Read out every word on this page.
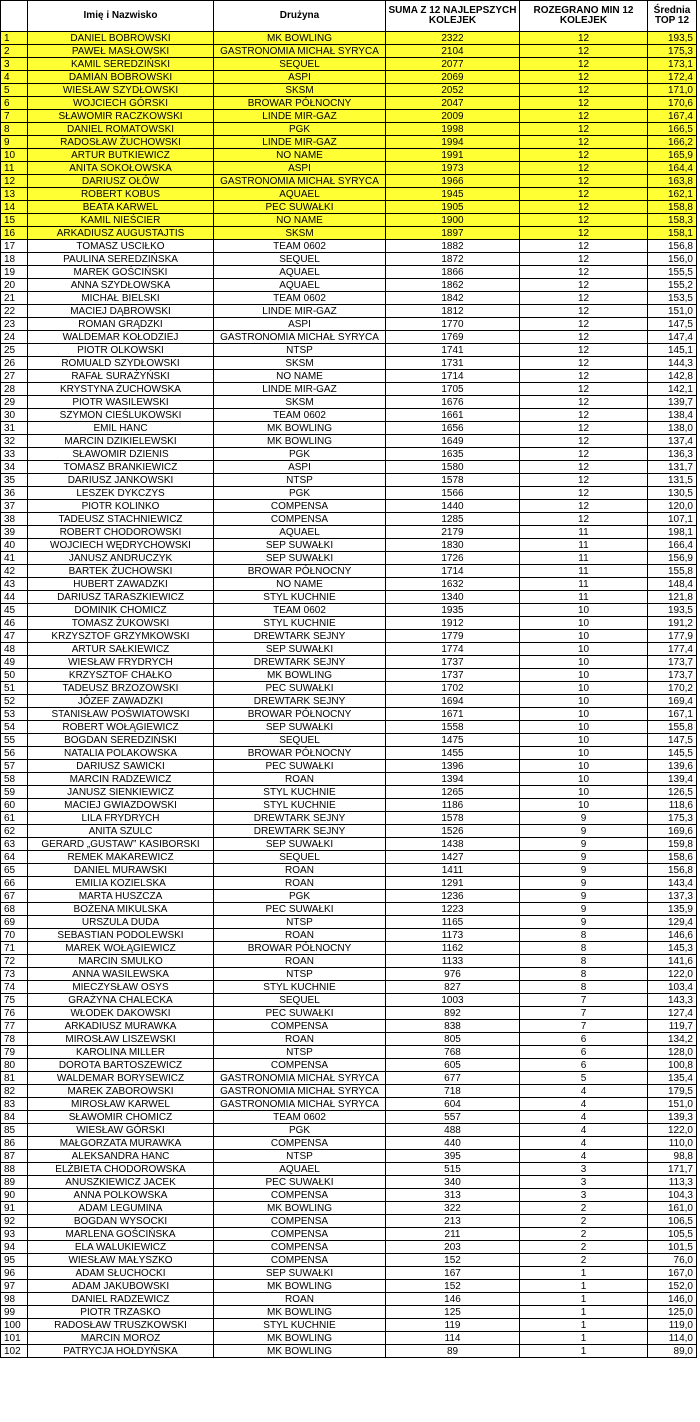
	Imię i Nazwisko	Drużyna	SUMA Z 12 NAJLEPSZYCH KOLEJEK	ROZEGRANO MIN 12 KOLEJEK	Średnia TOP 12
1	DANIEL BOBROWSKI	MK BOWLING	2322	12	193,5
2	PAWEŁ MASŁOWSKI	GASTRONOMIA MICHAŁ SYRYCA	2104	12	175,3
3	KAMIL SEREDZIŃSKI	SEQUEL	2077	12	173,1
4	DAMIAN BOBROWSKI	ASPI	2069	12	172,4
5	WIESŁAW SZYDŁOWSKI	SKSM	2052	12	171,0
6	WOJCIECH GÓRSKI	BROWAR PÓŁNOCNY	2047	12	170,6
7	SŁAWOMIR RACZKOWSKI	LINDE MIR-GAZ	2009	12	167,4
8	DANIEL ROMATOWSKI	PGK	1998	12	166,5
9	RADOSŁAW ŻUCHOWSKI	LINDE MIR-GAZ	1994	12	166,2
10	ARTUR BUTKIEWICZ	NO NAME	1991	12	165,9
11	ANITA SOKOŁOWSKA	ASPI	1973	12	164,4
12	DARIUSZ OŁÓW	GASTRONOMIA MICHAŁ SYRYCA	1966	12	163,8
13	ROBERT KOBUS	AQUAEL	1945	12	162,1
14	BEATA KARWEL	PEC SUWAŁKI	1905	12	158,8
15	KAMIL NIEŚCIER	NO NAME	1900	12	158,3
16	ARKADIUSZ AUGUSTAJTIS	SKSM	1897	12	158,1
17	TOMASZ USCIŁKO	TEAM 0602	1882	12	156,8
18	PAULINA SEREDZIŃSKA	SEQUEL	1872	12	156,0
19	MAREK GOŚCIŃSKI	AQUAEL	1866	12	155,5
20	ANNA SZYDŁOWSKA	AQUAEL	1862	12	155,2
21	MICHAŁ BIELSKI	TEAM 0602	1842	12	153,5
22	MACIEJ DĄBROWSKI	LINDE MIR-GAZ	1812	12	151,0
23	ROMAN GRĄDZKI	ASPI	1770	12	147,5
24	WALDEMAR KOŁODZIEJ	GASTRONOMIA MICHAŁ SYRYCA	1769	12	147,4
25	PIOTR OLKOWSKI	NTSP	1741	12	145,1
26	ROMUALD SZYDŁOWSKI	SKSM	1731	12	144,3
27	RAFAŁ SURAŻYŃSKI	NO NAME	1714	12	142,8
28	KRYSTYNA ŻUCHOWSKA	LINDE MIR-GAZ	1705	12	142,1
29	PIOTR WASILEWSKI	SKSM	1676	12	139,7
30	SZYMON CIEŚLUKOWSKI	TEAM 0602	1661	12	138,4
31	EMIL HANC	MK BOWLING	1656	12	138,0
32	MARCIN DZIKIELEWSKI	MK BOWLING	1649	12	137,4
33	SŁAWOMIR DZIENIS	PGK	1635	12	136,3
34	TOMASZ BRANKIEWICZ	ASPI	1580	12	131,7
35	DARIUSZ JANKOWSKI	NTSP	1578	12	131,5
36	LESZEK DYKCZYS	PGK	1566	12	130,5
37	PIOTR KOLINKO	COMPENSA	1440	12	120,0
38	TADEUSZ STACHNIEWICZ	COMPENSA	1285	12	107,1
39	ROBERT CHODOROWSKI	AQUAEL	2179	11	198,1
40	WOJCIECH WĘDRYCHOWSKI	SEP SUWAŁKI	1830	11	166,4
41	JANUSZ ANDRUCZYK	SEP SUWAŁKI	1726	11	156,9
42	BARTEK ŻUCHOWSKI	BROWAR PÓŁNOCNY	1714	11	155,8
43	HUBERT ZAWADZKI	NO NAME	1632	11	148,4
44	DARIUSZ TARASZKIEWICZ	STYL KUCHNIE	1340	11	121,8
45	DOMINIK CHOMICZ	TEAM 0602	1935	10	193,5
46	TOMASZ ŻUKOWSKI	STYL KUCHNIE	1912	10	191,2
47	KRZYSZTOF GRZYMKOWSKI	DREWTARK SEJNY	1779	10	177,9
48	ARTUR SAŁKIEWICZ	SEP SUWAŁKI	1774	10	177,4
49	WIESŁAW FRYDRYCH	DREWTARK SEJNY	1737	10	173,7
50	KRZYSZTOF CHAŁKO	MK BOWLING	1737	10	173,7
51	TADEUSZ BRZOZOWSKI	PEC SUWAŁKI	1702	10	170,2
52	JÓZEF ZAWADZKI	DREWTARK SEJNY	1694	10	169,4
53	STANISŁAW POŚWIATOWSKI	BROWAR PÓŁNOCNY	1671	10	167,1
54	ROBERT WOŁĄGIEWICZ	SEP SUWAŁKI	1558	10	155,8
55	BOGDAN SEREDZIŃSKI	SEQUEL	1475	10	147,5
56	NATALIA POLAKOWSKA	BROWAR PÓŁNOCNY	1455	10	145,5
57	DARIUSZ SAWICKI	PEC SUWAŁKI	1396	10	139,6
58	MARCIN RADZEWICZ	ROAN	1394	10	139,4
59	JANUSZ SIENKIEWICZ	STYL KUCHNIE	1265	10	126,5
60	MACIEJ GWIAZDOWSKI	STYL KUCHNIE	1186	10	118,6
61	LILA FRYDRYCH	DREWTARK SEJNY	1578	9	175,3
62	ANITA SZULC	DREWTARK SEJNY	1526	9	169,6
63	GERARD „GUSTAW” KASIBORSKI	SEP SUWAŁKI	1438	9	159,8
64	REMEK MAKAREWICZ	SEQUEL	1427	9	158,6
65	DANIEL MURAWSKI	ROAN	1411	9	156,8
66	EMILIA KOZIELSKA	ROAN	1291	9	143,4
67	MARTA HUSZCZA	PGK	1236	9	137,3
68	BOŻENA MIKULSKA	PEC SUWAŁKI	1223	9	135,9
69	URSZULA DUDA	NTSP	1165	9	129,4
70	SEBASTIAN PODOLEWSKI	ROAN	1173	8	146,6
71	MAREK WOŁĄGIEWICZ	BROWAR PÓŁNOCNY	1162	8	145,3
72	MARCIN SMULKO	ROAN	1133	8	141,6
73	ANNA WASILEWSKA	NTSP	976	8	122,0
74	MIECZYSŁAW OSYS	STYL KUCHNIE	827	8	103,4
75	GRAŻYNA CHALECKA	SEQUEL	1003	7	143,3
76	WŁODEK DAKOWSKI	PEC SUWAŁKI	892	7	127,4
77	ARKADIUSZ MURAWKA	COMPENSA	838	7	119,7
78	MIROSŁAW LISZEWSKI	ROAN	805	6	134,2
79	KAROLINA MILLER	NTSP	768	6	128,0
80	DOROTA BARTOSZEWICZ	COMPENSA	605	6	100,8
81	WALDEMAR BORYSEWICZ	GASTRONOMIA MICHAŁ SYRYCA	677	5	135,4
82	MAREK ZABOROWSKI	GASTRONOMIA MICHAŁ SYRYCA	718	4	179,5
83	MIROSŁAW KARWEL	GASTRONOMIA MICHAŁ SYRYCA	604	4	151,0
84	SŁAWOMIR CHOMICZ	TEAM 0602	557	4	139,3
85	WIESŁAW GÓRSKI	PGK	488	4	122,0
86	MAŁGORZATA MURAWKA	COMPENSA	440	4	110,0
87	ALEKSANDRA HANC	NTSP	395	4	98,8
88	ELŻBIETA CHODOROWSKA	AQUAEL	515	3	171,7
89	ANUSZKIEWICZ JACEK	PEC SUWAŁKI	340	3	113,3
90	ANNA POLKOWSKA	COMPENSA	313	3	104,3
91	ADAM LEGUMINA	MK BOWLING	322	2	161,0
92	BOGDAN WYSOCKI	COMPENSA	213	2	106,5
93	MARLENA GOŚCIŃSKA	COMPENSA	211	2	105,5
94	ELA WALUKIEWICZ	COMPENSA	203	2	101,5
95	WIESŁAW MAŁYSZKO	COMPENSA	152	2	76,0
96	ADAM SŁUCHOCKI	SEP SUWAŁKI	167	1	167,0
97	ADAM JAKUBOWSKI	MK BOWLING	152	1	152,0
98	DANIEL RADZEWICZ	ROAN	146	1	146,0
99	PIOTR TRZASKO	MK BOWLING	125	1	125,0
100	RADOSŁAW TRUSZKOWSKI	STYL KUCHNIE	119	1	119,0
101	MARCIN MOROZ	MK BOWLING	114	1	114,0
102	PATRYCJA HOŁDYŃSKA	MK BOWLING	89	1	89,0
